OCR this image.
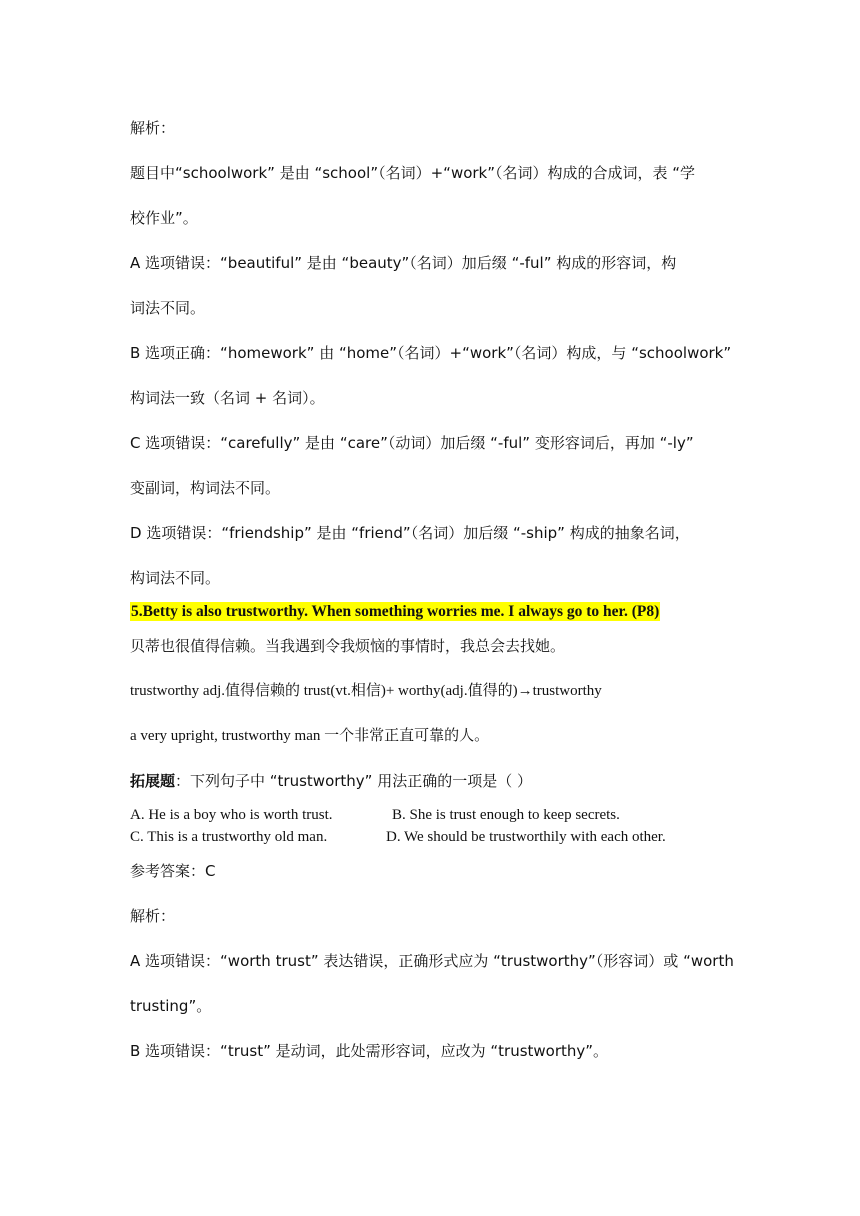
解析：
题目中“schoolwork” 是由 “school”（名词）+“work”（名词）构成的合成词，表 “学
校作业”。
A 选项错误：“beautiful” 是由 “beauty”（名词）加后缀 “-ful” 构成的形容词，构
词法不同。
B 选项正确：“homework” 由 “home”（名词）+“work”（名词）构成，与 “schoolwork”
构词法一致（名词 + 名词）。
C 选项错误：“carefully” 是由 “care”（动词）加后缀 “-ful” 变形容词后，再加 “-ly”
变副词，构词法不同。
D 选项错误：“friendship” 是由 “friend”（名词）加后缀 “-ship” 构成的抽象名词，
构词法不同。
5.Betty is also trustworthy. When something worries me. I always go to her. (P8)
贝蒂也很值得信赖。当我遇到令我烦恼的事情时，我总会去找她。
trustworthy adj.值得信赖的 trust(vt.相信)+ worthy(adj.值得的)→trustworthy
a very upright, trustworthy man 一个非常正直可靠的人。
拓展题：下列句子中 “trustworthy” 用法正确的一项是（ ）
A. He is a boy who is worth trust.	B. She is trust enough to keep secrets.
C. This is a trustworthy old man.	D. We should be trustworthily with each other.
参考答案：C
解析：
A 选项错误：“worth trust” 表达错误，正确形式应为 “trustworthy”（形容词）或 “worth
trusting”。
B 选项错误：“trust” 是动词，此处需形容词，应改为 “trustworthy”。
